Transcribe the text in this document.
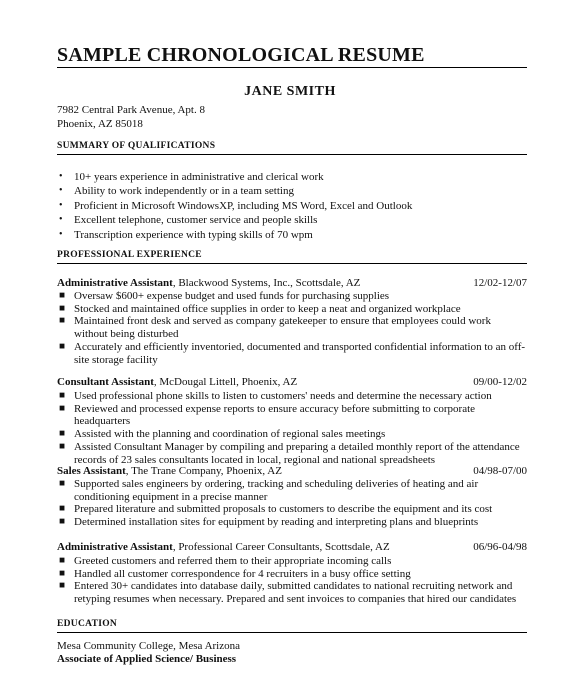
SAMPLE CHRONOLOGICAL RESUME
JANE SMITH
7982 Central Park Avenue, Apt. 8
Phoenix, AZ 85018
SUMMARY OF QUALIFICATIONS
• 10+ years experience in administrative and clerical work
• Ability to work independently or in a team setting
• Proficient in Microsoft WindowsXP, including MS Word, Excel and Outlook
• Excellent telephone, customer service and people skills
• Transcription experience with typing skills of 70 wpm
PROFESSIONAL EXPERIENCE
Administrative Assistant, Blackwood Systems, Inc., Scottsdale, AZ	12/02-12/07
■ Oversaw $600+ expense budget and used funds for purchasing supplies
■ Stocked and maintained office supplies in order to keep a neat and organized workplace
■ Maintained front desk and served as company gatekeeper to ensure that employees could work without being disturbed
■ Accurately and efficiently inventoried, documented and transported confidential information to an off-site storage facility
Consultant Assistant, McDougal Littell, Phoenix, AZ	09/00-12/02
■ Used professional phone skills to listen to customers' needs and determine the necessary action
■ Reviewed and processed expense reports to ensure accuracy before submitting to corporate headquarters
■ Assisted with the planning and coordination of regional sales meetings
■ Assisted Consultant Manager by compiling and preparing a detailed monthly report of the attendance records of 23 sales consultants located in local, regional and national spreadsheets
Sales Assistant, The Trane Company, Phoenix, AZ	04/98-07/00
■ Supported sales engineers by ordering, tracking and scheduling deliveries of heating and air conditioning equipment in a precise manner
■ Prepared literature and submitted proposals to customers to describe the equipment and its cost
■ Determined installation sites for equipment by reading and interpreting plans and blueprints
Administrative Assistant, Professional Career Consultants, Scottsdale, AZ	06/96-04/98
■ Greeted customers and referred them to their appropriate incoming calls
■ Handled all customer correspondence for 4 recruiters in a busy office setting
■ Entered 30+ candidates into database daily, submitted candidates to national recruiting network and retyping resumes when necessary. Prepared and sent invoices to companies that hired our candidates
EDUCATION
Mesa Community College, Mesa Arizona
Associate of Applied Science/ Business
